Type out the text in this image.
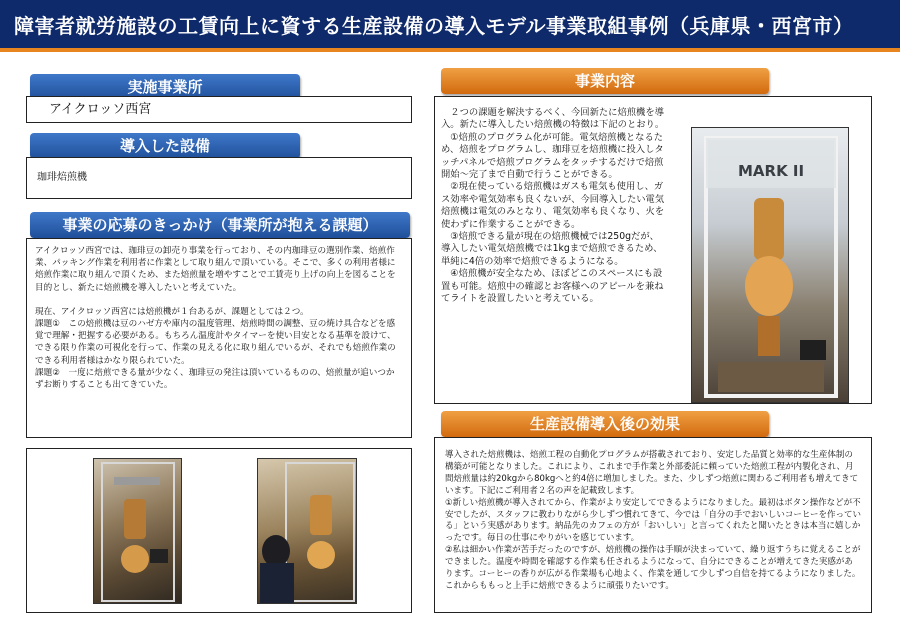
障害者就労施設の工賃向上に資する生産設備の導入モデル事業取組事例（兵庫県・西宮市）
実施事業所
アイクロッソ西宮
導入した設備
珈琲焙煎機
事業の応募のきっかけ（事業所が抱える課題）
アイクロッソ西宮では、珈琲豆の卸売り事業を行っており、その内珈琲豆の選別作業、焙煎作業、パッキング作業を利用者に作業として取り組んで頂いている。そこで、多くの利用者様に焙煎作業に取り組んで頂くため、また焙煎量を増やすことで工賃売り上げの向上を図ることを目的とし、新たに焙煎機を導入したいと考えていた。
現在、アイクロッソ西宮には焙煎機が１台あるが、課題としては２つ。
課題①　この焙煎機は豆のハゼ方や庫内の温度管理、焙煎時間の調整、豆の焼け具合などを感覚で理解・把握する必要がある。もちろん温度計やタイマーを使い目安となる基準を設けて、できる限り作業の可視化を行って、作業の見える化に取り組んでいるが、それでも焙煎作業のできる利用者様はかなり限られていた。
課題②　一度に焙煎できる量が少なく、珈琲豆の発注は頂いているものの、焙煎量が追いつかずお断りすることも出てきていた。
事業内容
　２つの課題を解決するべく、今回新たに焙煎機を導入。新たに導入したい焙煎機の特徴は下記のとおり。
　①焙煎のプログラム化が可能。電気焙煎機となるため、焙煎をプログラムし、珈琲豆を焙煎機に投入しタッチパネルで焙煎プログラムをタッチするだけで焙煎開始～完了まで自動で行うことができる。
　②現在使っている焙煎機はガスも電気も使用し、ガス効率や電気効率も良くないが、今回導入したい電気焙煎機は電気のみとなり、電気効率も良くなり、火を使わずに作業することができる。
　③焙煎できる量が現在の焙煎機械では250gだが、導入したい電気焙煎機では1kgまで焙煎できるため、単純に4倍の効率で焙煎できるようになる。
　④焙煎機が安全なため、ほぼどこのスペースにも設置も可能。焙煎中の確認とお客様へのアピールを兼ねてライトを設置したいと考えている。
MARK II
生産設備導入後の効果
導入された焙煎機は、焙煎工程の自動化プログラムが搭載されており、安定した品質と効率的な生産体制の構築が可能となりました。これにより、これまで手作業と外部委託に頼っていた焙煎工程が内製化され、月間焙煎量は約20kgから80kgへと約4倍に増加しました。また、少しずつ焙煎に関わるご利用者も増えてきています。下記にご利用者２名の声を記載致します。
①新しい焙煎機が導入されてから、作業がより安定してできるようになりました。最初はボタン操作などが不安でしたが、スタッフに教わりながら少しずつ慣れてきて、今では「自分の手でおいしいコーヒーを作っている」という実感があります。納品先のカフェの方が「おいしい」と言ってくれたと聞いたときは本当に嬉しかったです。毎日の仕事にやりがいを感じています。
②私は細かい作業が苦手だったのですが、焙煎機の操作は手順が決まっていて、繰り返すうちに覚えることができました。温度や時間を確認する作業も任されるようになって、自分にできることが増えてきた実感があります。コーヒーの香りが広がる作業場も心地よく、作業を通して少しずつ自信を持てるようになりました。これからももっと上手に焙煎できるように頑張りたいです。
